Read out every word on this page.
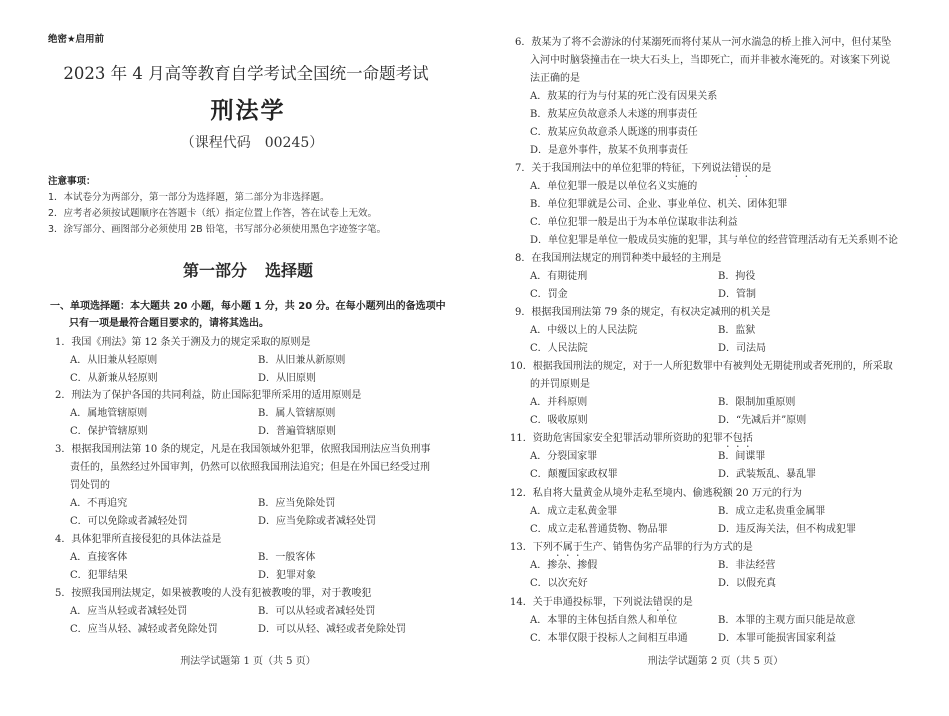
绝密★启用前
2023 年 4 月高等教育自学考试全国统一命题考试
刑法学
（课程代码　00245）
注意事项：
1．本试卷分为两部分，第一部分为选择题，第二部分为非选择题。
2．应考者必须按试题顺序在答题卡（纸）指定位置上作答，答在试卷上无效。
3．涂写部分、画图部分必须使用 2B 铅笔，书写部分必须使用黑色字迹签字笔。
第一部分 选择题
一、单项选择题：本大题共 20 小题，每小题 1 分，共 20 分。在每小题列出的备选项中
只有一项是最符合题目要求的，请将其选出。
1．我国《刑法》第 12 条关于溯及力的规定采取的原则是
A．从旧兼从轻原则	B．从旧兼从新原则
C．从新兼从轻原则	D．从旧原则
2．刑法为了保护各国的共同利益，防止国际犯罪所采用的适用原则是
A．属地管辖原则	B．属人管辖原则
C．保护管辖原则	D．普遍管辖原则
3．根据我国刑法第 10 条的规定，凡是在我国领域外犯罪，依照我国刑法应当负刑事
责任的，虽然经过外国审判，仍然可以依照我国刑法追究；但是在外国已经受过刑
罚处罚的
A．不再追究	B．应当免除处罚
C．可以免除或者减轻处罚	D．应当免除或者减轻处罚
4．具体犯罪所直接侵犯的具体法益是
A．直接客体	B．一般客体
C．犯罪结果	D．犯罪对象
5．按照我国刑法规定，如果被教唆的人没有犯被教唆的罪，对于教唆犯
A．应当从轻或者减轻处罚	B．可以从轻或者减轻处罚
C．应当从轻、减轻或者免除处罚	D．可以从轻、减轻或者免除处罚
刑法学试题第 1 页（共 5 页）
6．敖某为了将不会游泳的付某溺死而将付某从一河水湍急的桥上推入河中，但付某坠
入河中时脑袋撞击在一块大石头上，当即死亡，而并非被水淹死的。对该案下列说
法正确的是
A．敖某的行为与付某的死亡没有因果关系
B．敖某应负故意杀人未遂的刑事责任
C．敖某应负故意杀人既遂的刑事责任
D．是意外事件，敖某不负刑事责任
7．关于我国刑法中的单位犯罪的特征，下列说法错误的是
A．单位犯罪一般是以单位名义实施的
B．单位犯罪就是公司、企业、事业单位、机关、团体犯罪
C．单位犯罪一般是出于为本单位谋取非法利益
D．单位犯罪是单位一般成员实施的犯罪，其与单位的经营管理活动有无关系则不论
8．在我国刑法规定的刑罚种类中最轻的主刑是
A．有期徒刑	B．拘役
C．罚金	D．管制
9．根据我国刑法第 79 条的规定，有权决定减刑的机关是
A．中级以上的人民法院	B．监狱
C．人民法院	D．司法局
10．根据我国刑法的规定，对于一人所犯数罪中有被判处无期徒刑或者死刑的，所采取
的并罚原则是
A．并科原则	B．限制加重原则
C．吸收原则	D．“先减后并”原则
11．资助危害国家安全犯罪活动罪所资助的犯罪不包括
A．分裂国家罪	B．间谍罪
C．颠覆国家政权罪	D．武装叛乱、暴乱罪
12．私自将大量黄金从境外走私至境内、偷逃税额 20 万元的行为
A．成立走私黄金罪	B．成立走私贵重金属罪
C．成立走私普通货物、物品罪	D．违反海关法，但不构成犯罪
13．下列不属于生产、销售伪劣产品罪的行为方式的是
A．掺杂、掺假	B．非法经营
C．以次充好	D．以假充真
14．关于串通投标罪，下列说法错误的是
A．本罪的主体包括自然人和单位	B．本罪的主观方面只能是故意
C．本罪仅限于投标人之间相互串通	D．本罪可能损害国家利益
刑法学试题第 2 页（共 5 页）
